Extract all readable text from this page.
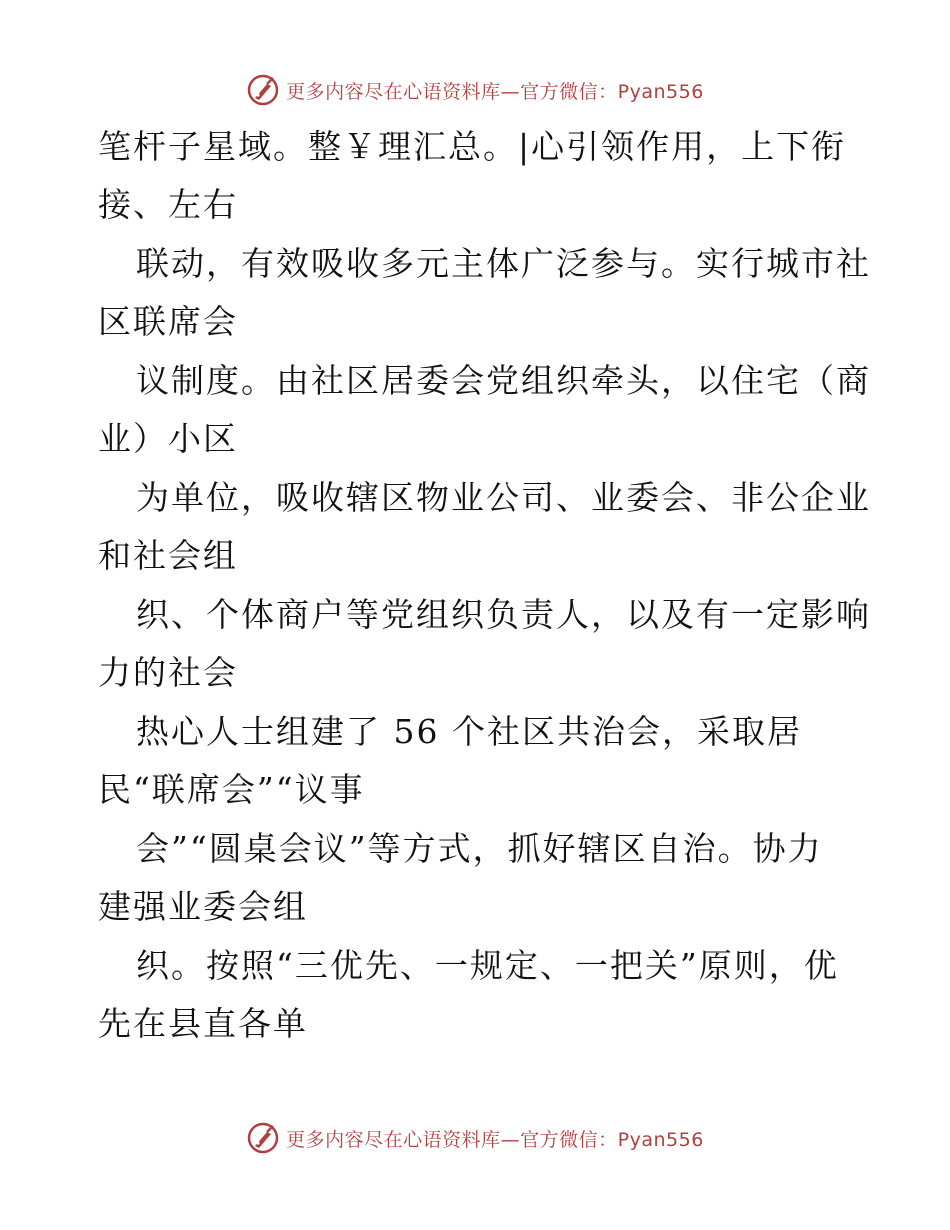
更多内容尽在心语资料库—官方微信：Pyan556
笔杆子星域。整￥理汇总。|心引领作用，上下衔
接、左右
联动，有效吸收多元主体广泛参与。实行城市社
区联席会
议制度。由社区居委会党组织牵头，以住宅（商
业）小区
为单位，吸收辖区物业公司、业委会、非公企业
和社会组
织、个体商户等党组织负责人，以及有一定影响
力的社会
热心人士组建了 56 个社区共治会，采取居
民“联席会”“议事
会”“圆桌会议”等方式，抓好辖区自治。协力
建强业委会组
织。按照“三优先、一规定、一把关”原则，优
先在县直各单
更多内容尽在心语资料库—官方微信：Pyan556
